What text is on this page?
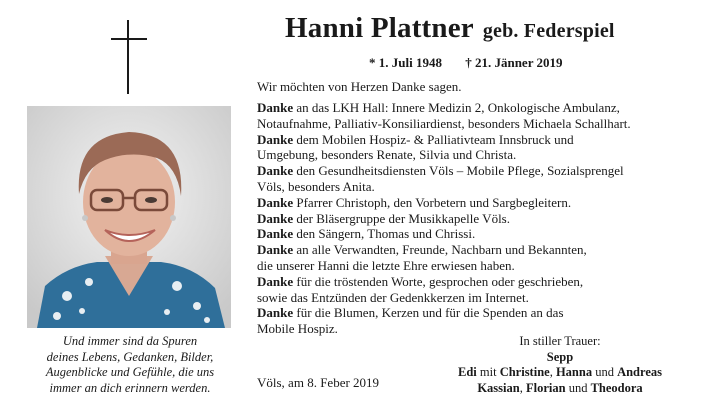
Und immer sind da Spuren
deines Lebens, Gedanken, Bilder,
Augenblicke und Gefühle, die uns
immer an dich erinnern werden.
Hanni Plattner geb. Federspiel
* 1. Juli 1948 † 21. Jänner 2019
Wir möchten von Herzen Danke sagen.
Danke an das LKH Hall: Innere Medizin 2, Onkologische Ambulanz,
Notaufnahme, Palliativ-Konsiliardienst, besonders Michaela Schallhart.
Danke dem Mobilen Hospiz- & Palliativteam Innsbruck und
Umgebung, besonders Renate, Silvia und Christa.
Danke den Gesundheitsdiensten Völs – Mobile Pflege, Sozialsprengel
Völs, besonders Anita.
Danke Pfarrer Christoph, den Vorbetern und Sargbegleitern.
Danke der Bläsergruppe der Musikkapelle Völs.
Danke den Sängern, Thomas und Chrissi.
Danke an alle Verwandten, Freunde, Nachbarn und Bekannten,
die unserer Hanni die letzte Ehre erwiesen haben.
Danke für die tröstenden Worte, gesprochen oder geschrieben,
sowie das Entzünden der Gedenkkerzen im Internet.
Danke für die Blumen, Kerzen und für die Spenden an das
Mobile Hospiz.
In stiller Trauer:
Sepp
Edi mit Christine, Hanna und Andreas
Kassian, Florian und Theodora
Völs, am 8. Feber 2019
